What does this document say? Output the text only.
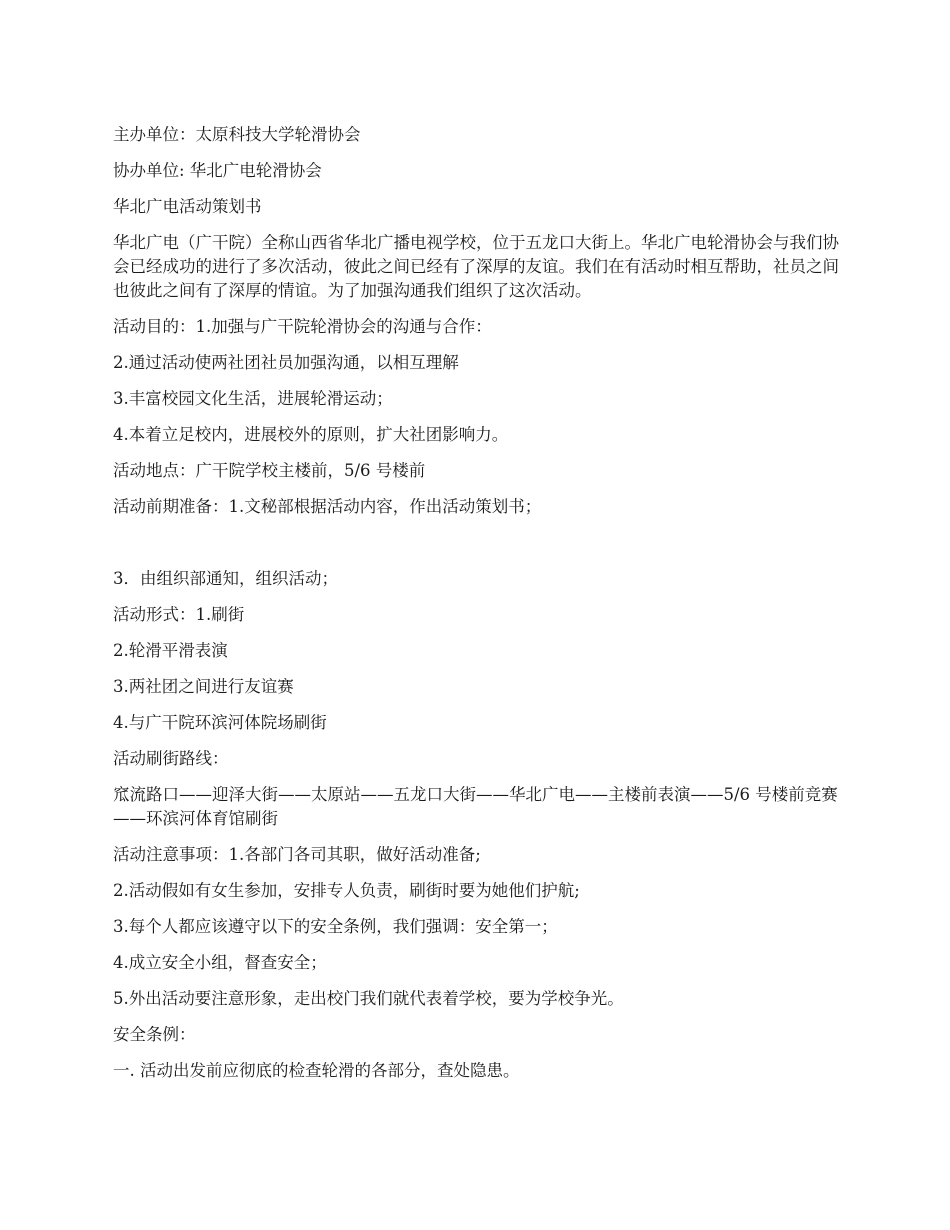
主办单位：太原科技大学轮滑协会

协办单位: 华北广电轮滑协会

华北广电活动策划书

华北广电（广干院）全称山西省华北广播电视学校，位于五龙口大街上。华北广电轮滑协会与我们协会已经成功的进行了多次活动，彼此之间已经有了深厚的友谊。我们在有活动时相互帮助，社员之间也彼此之间有了深厚的情谊。为了加强沟通我们组织了这次活动。

活动目的：1.加强与广干院轮滑协会的沟通与合作：

2.通过活动使两社团社员加强沟通，以相互理解

3.丰富校园文化生活，进展轮滑运动；

4.本着立足校内，进展校外的原则，扩大社团影响力。

活动地点：广干院学校主楼前，5/6 号楼前

活动前期准备：1.文秘部根据活动内容，作出活动策划书；

3．由组织部通知，组织活动；

活动形式：1.刷街

2.轮滑平滑表演

3.两社团之间进行友谊赛

4.与广干院环滨河体院场刷街

活动刷街路线：

窊流路口——迎泽大街——太原站——五龙口大街——华北广电——主楼前表演——5/6 号楼前竞赛——环滨河体育馆刷街

活动注意事项：1.各部门各司其职，做好活动准备;

2.活动假如有女生参加，安排专人负责，刷街时要为她他们护航;

3.每个人都应该遵守以下的安全条例，我们强调：安全第一；

4.成立安全小组，督查安全；

5.外出活动要注意形象，走出校门我们就代表着学校，要为学校争光。

安全条例：

一. 活动出发前应彻底的检查轮滑的各部分，查处隐患。
